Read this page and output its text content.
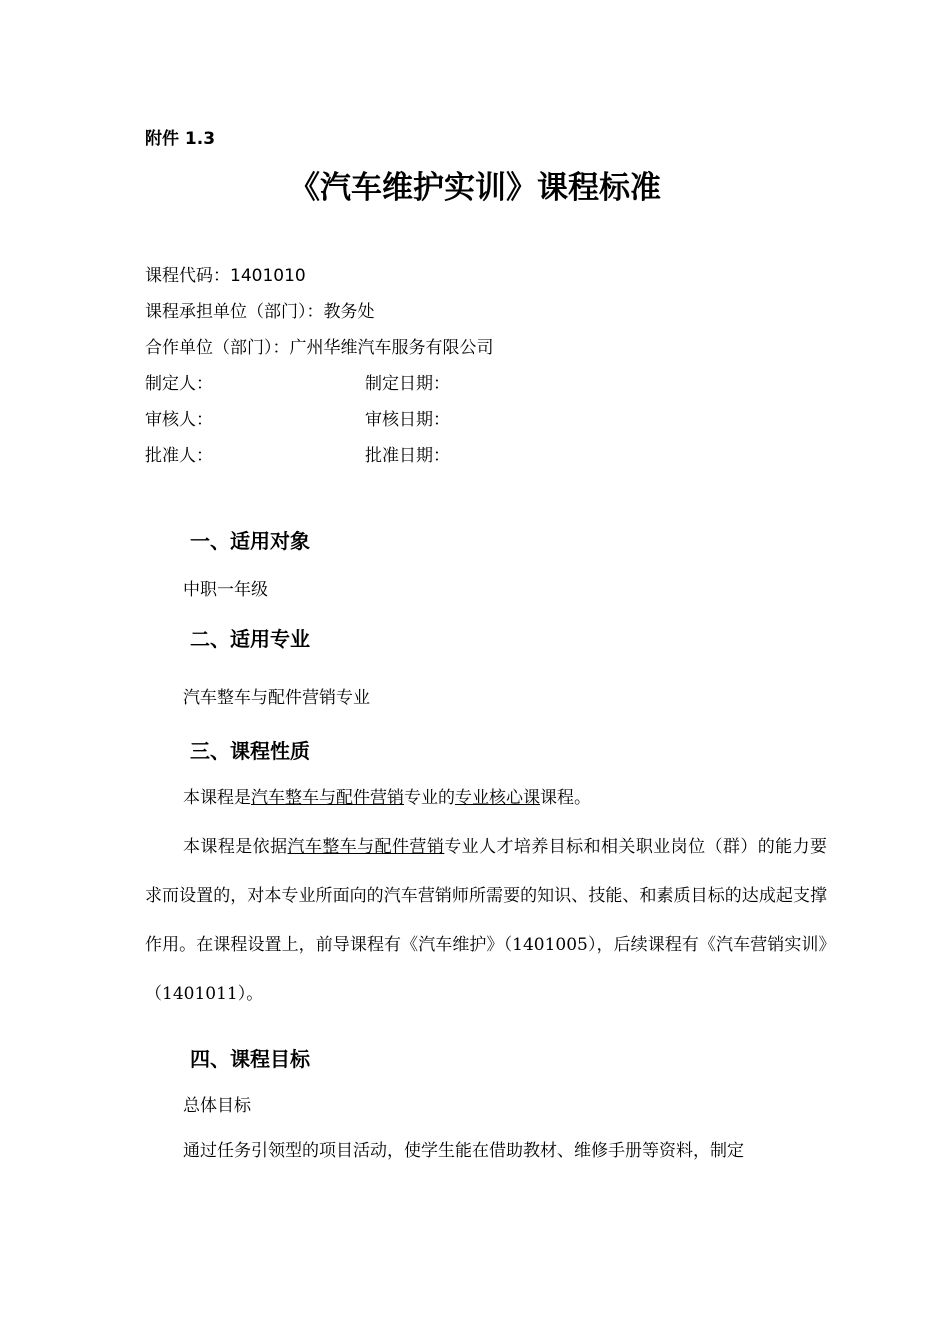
附件 1.3
《汽车维护实训》课程标准
课程代码：1401010
课程承担单位（部门）：教务处
合作单位（部门）：广州华维汽车服务有限公司
制定人：	制定日期：
审核人：	审核日期：
批准人：	批准日期：
一、适用对象
中职一年级
二、适用专业
汽车整车与配件营销专业
三、课程性质
本课程是汽车整车与配件营销专业的专业核心课课程。
本课程是依据汽车整车与配件营销专业人才培养目标和相关职业岗位（群）的能力要求而设置的，对本专业所面向的汽车营销师所需要的知识、技能、和素质目标的达成起支撑作用。在课程设置上，前导课程有《汽车维护》（1401005），后续课程有《汽车营销实训》（1401011）。
四、课程目标
总体目标
通过任务引领型的项目活动，使学生能在借助教材、维修手册等资料，制定
